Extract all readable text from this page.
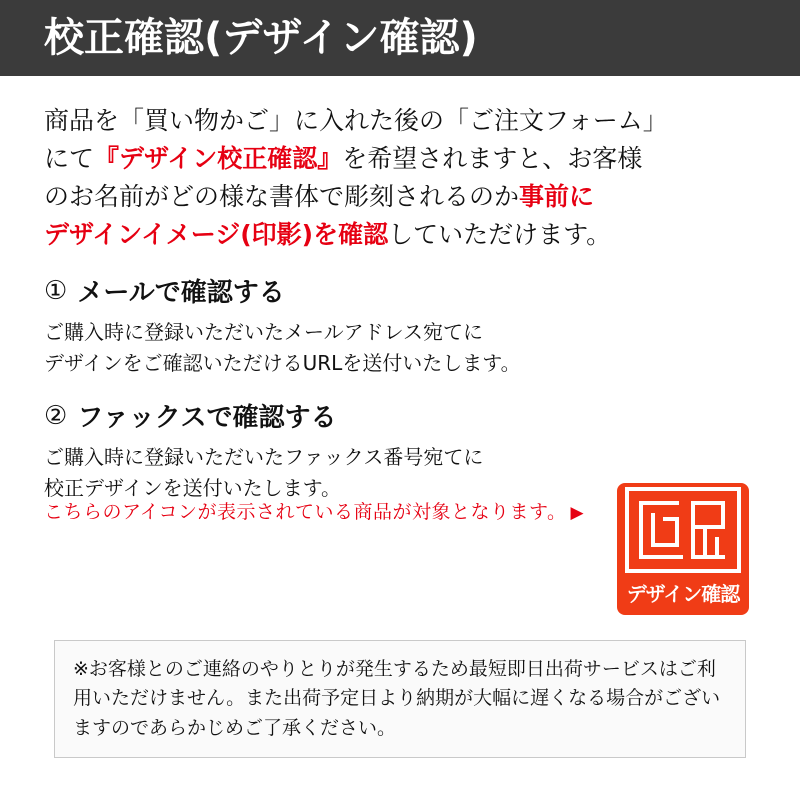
校正確認(デザイン確認)
商品を「買い物かご」に入れた後の「ご注文フォーム」
にて『デザイン校正確認』を希望されますと、お客様
のお名前がどの様な書体で彫刻されるのか事前に
デザインイメージ(印影)を確認していただけます。
① メールで確認する
ご購入時に登録いただいたメールアドレス宛てに
デザインをご確認いただけるURLを送付いたします。
② ファックスで確認する
ご購入時に登録いただいたファックス番号宛てに
校正デザインを送付いたします。
こちらのアイコンが表示されている商品が対象となります。 ▶
デザイン確認
※お客様とのご連絡のやりとりが発生するため最短即日出荷サービスはご利
用いただけません。また出荷予定日より納期が大幅に遅くなる場合がござい
ますのであらかじめご了承ください。
